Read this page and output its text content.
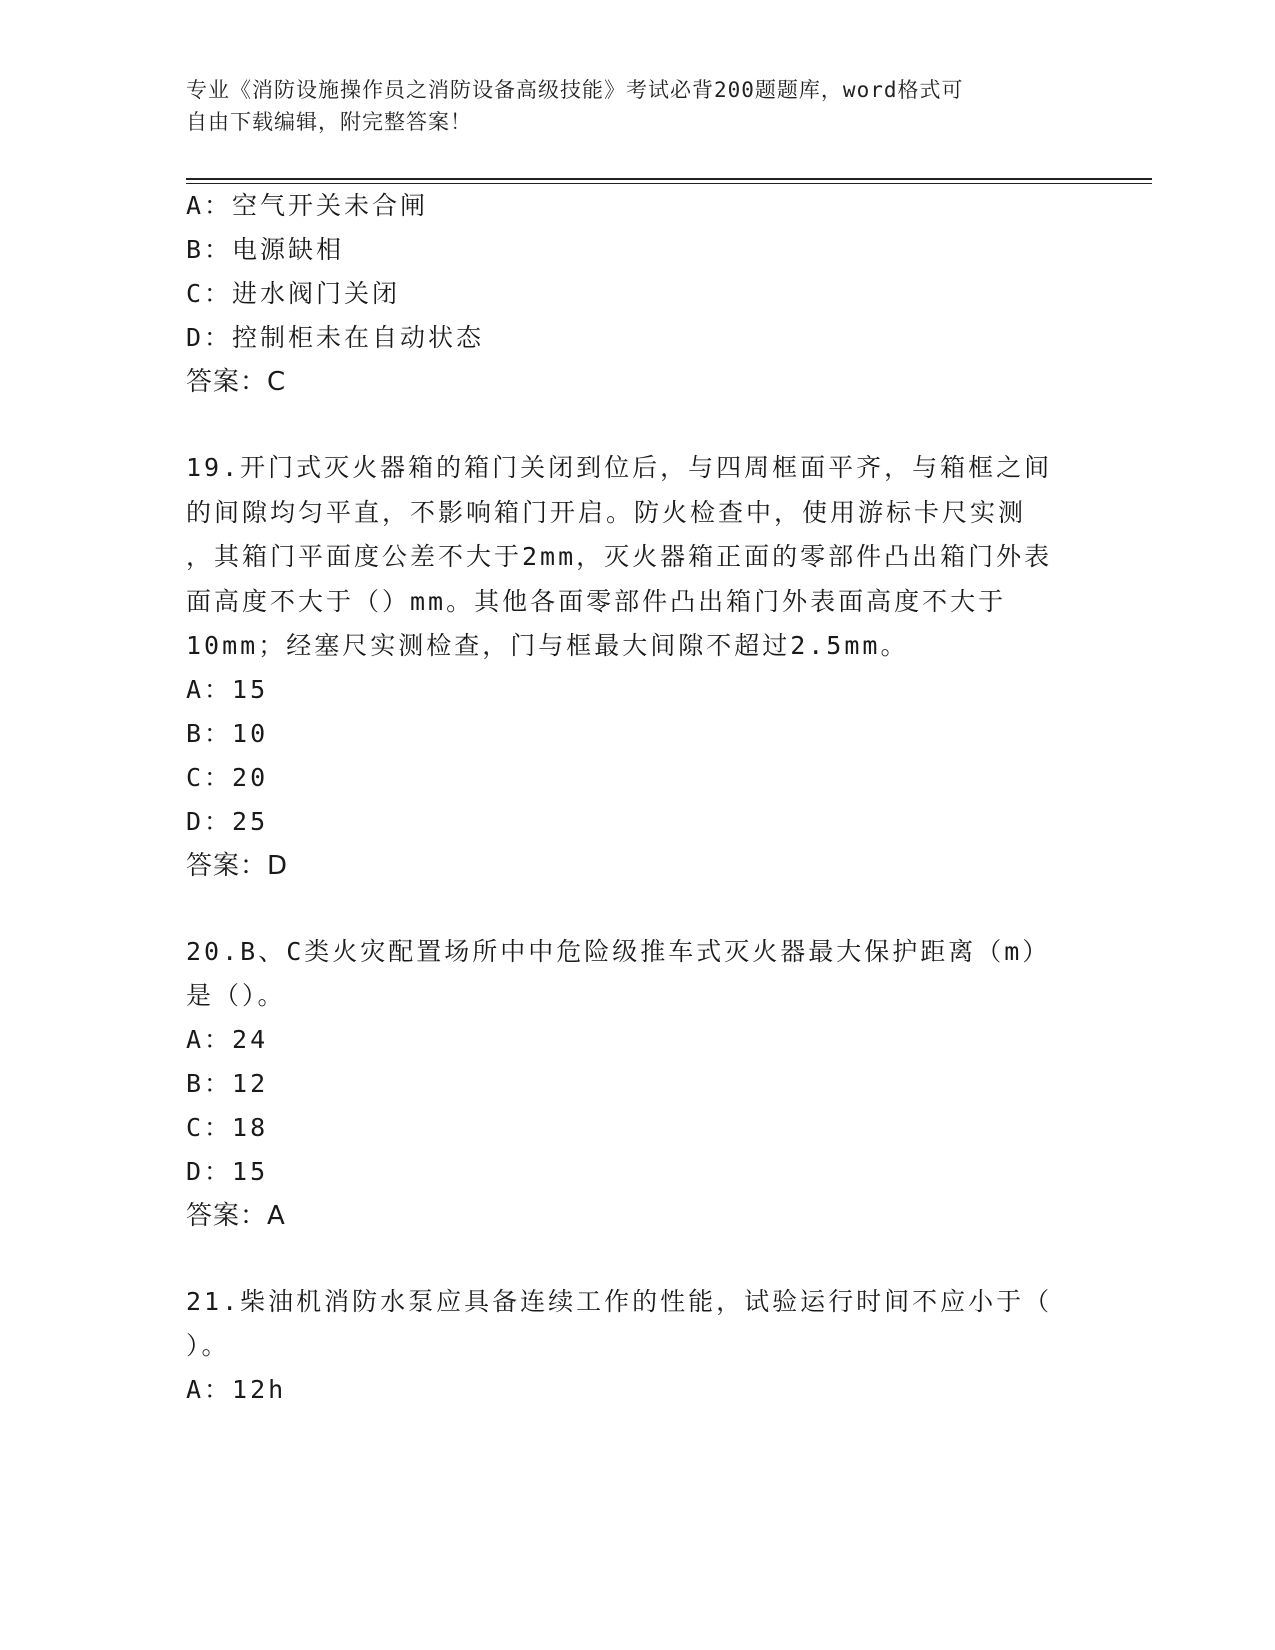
专业《消防设施操作员之消防设备高级技能》考试必背200题题库，word格式可
自由下载编辑，附完整答案！
A：空气开关未合闸
B：电源缺相
C：进水阀门关闭
D：控制柜未在自动状态
答案：C
19.开门式灭火器箱的箱门关闭到位后，与四周框面平齐，与箱框之间
的间隙均匀平直，不影响箱门开启。防火检查中，使用游标卡尺实测
，其箱门平面度公差不大于2mm，灭火器箱正面的零部件凸出箱门外表
面高度不大于（）mm。其他各面零部件凸出箱门外表面高度不大于
10mm；经塞尺实测检查，门与框最大间隙不超过2.5mm。
A：15
B：10
C：20
D：25
答案：D
20.B、C类火灾配置场所中中危险级推车式灭火器最大保护距离（m）
是（）。
A：24
B：12
C：18
D：15
答案：A
21.柴油机消防水泵应具备连续工作的性能，试验运行时间不应小于（
）。
A：12h
